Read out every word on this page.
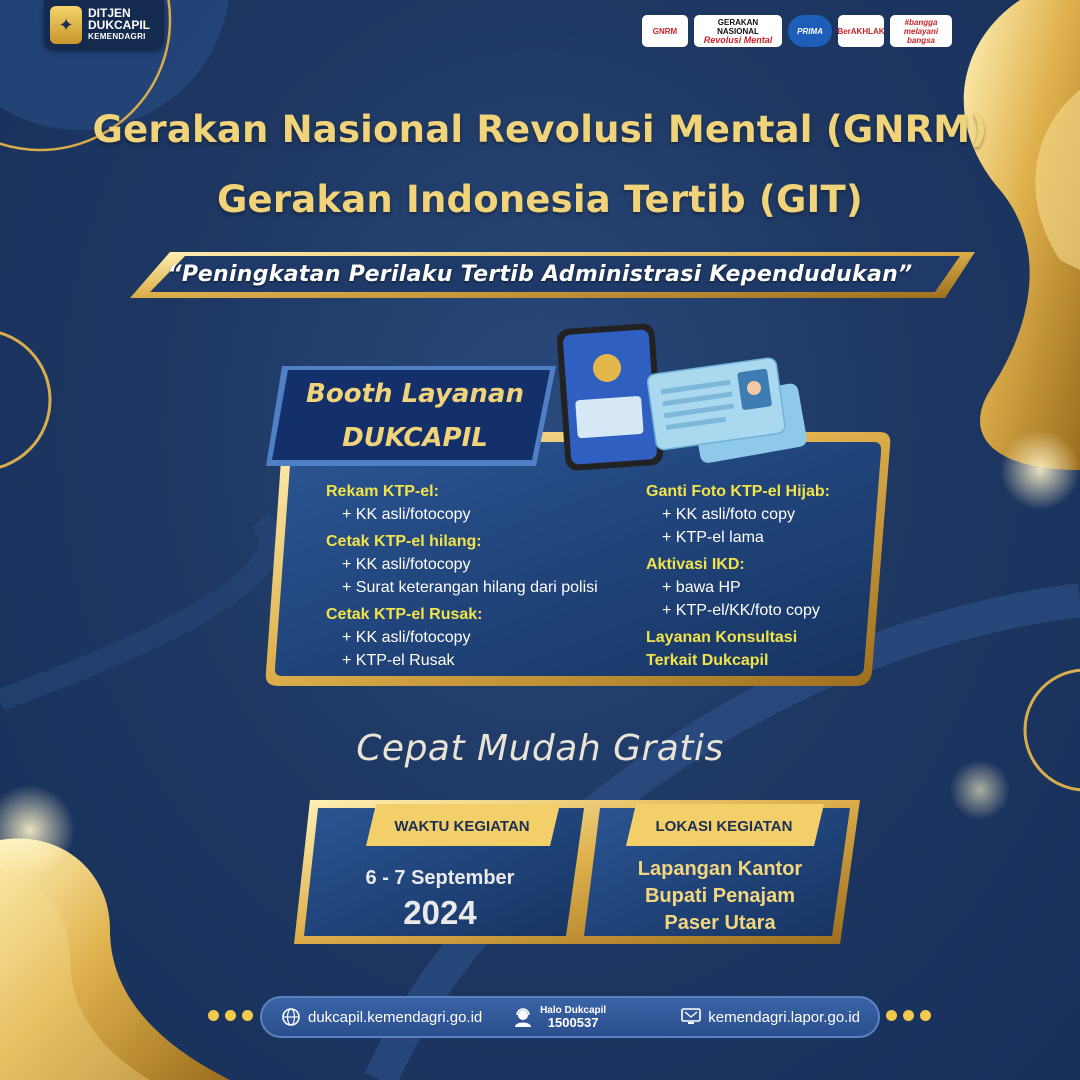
✦
DITJEN
DUKCAPIL
KEMENDAGRI
GNRM
GERAKAN NASIONAL
Revolusi Mental
PRIMA BerAKHLAK
#bangga melayani bangsa
Gerakan Nasional Revolusi Mental (GNRM)
Gerakan Indonesia Tertib (GIT)
“Peningkatan Perilaku Tertib Administrasi Kependudukan”
Booth Layanan
DUKCAPIL
Rekam KTP-el:
+ KK asli/fotocopy
Cetak KTP-el hilang:
+ KK asli/fotocopy
+ Surat keterangan hilang dari polisi
Cetak KTP-el Rusak:
+ KK asli/fotocopy
+ KTP-el Rusak
Ganti Foto KTP-el Hijab:
+ KK asli/foto copy
+ KTP-el lama
Aktivasi IKD:
+ bawa HP
+ KTP-el/KK/foto copy
Layanan Konsultasi
Terkait Dukcapil
Cepat Mudah Gratis
WAKTU KEGIATAN	LOKASI KEGIATAN
6 - 7 September
2024
Lapangan Kantor
Bupati Penajam
Paser Utara
dukcapil.kemendagri.go.id	Halo Dukcapil
1500537	kemendagri.lapor.go.id
